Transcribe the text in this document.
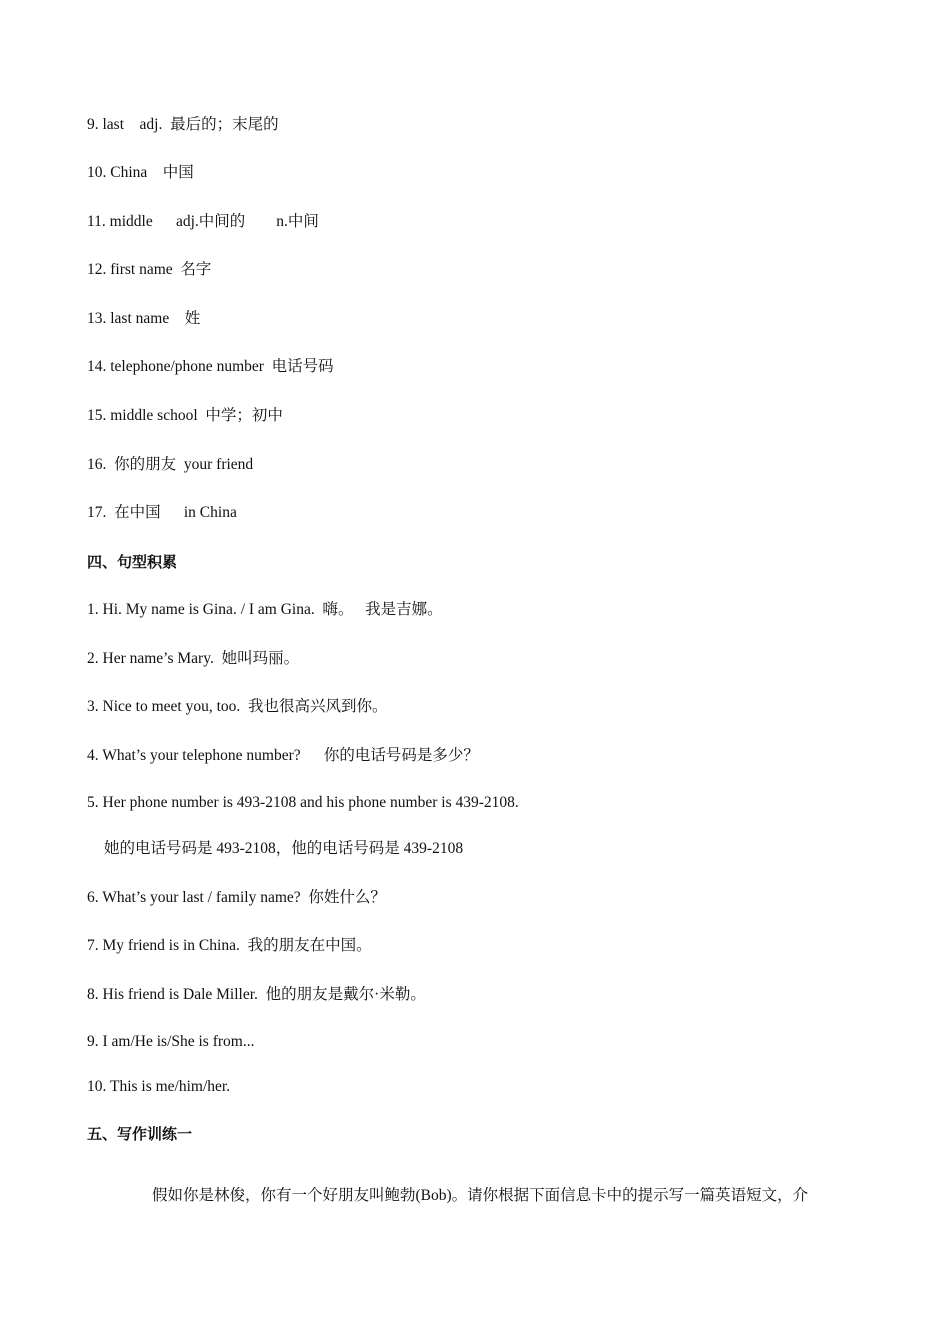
9. last    adj.  最后的；末尾的
10. China    中国
11. middle      adj.中间的        n.中间
12. first name  名字
13. last name    姓
14. telephone/phone number  电话号码
15. middle school  中学；初中
16.  你的朋友  your friend
17.  在中国      in China
四、句型积累
1. Hi. My name is Gina. / I am Gina.  嗨。   我是吉娜。
2. Her name’s Mary.  她叫玛丽。
3. Nice to meet you, too.  我也很高兴风到你。
4. What’s your telephone number?      你的电话号码是多少？
5. Her phone number is 493-2108 and his phone number is 439-2108.
她的电话号码是 493-2108，他的电话号码是 439-2108
6. What’s your last / family name?  你姓什么？
7. My friend is in China.  我的朋友在中国。
8. His friend is Dale Miller.  他的朋友是戴尔·米勒。
9. I am/He is/She is from...
10. This is me/him/her.
五、写作训练一
假如你是林俊，你有一个好朋友叫鲍勃(Bob)。请你根据下面信息卡中的提示写一篇英语短文，介
